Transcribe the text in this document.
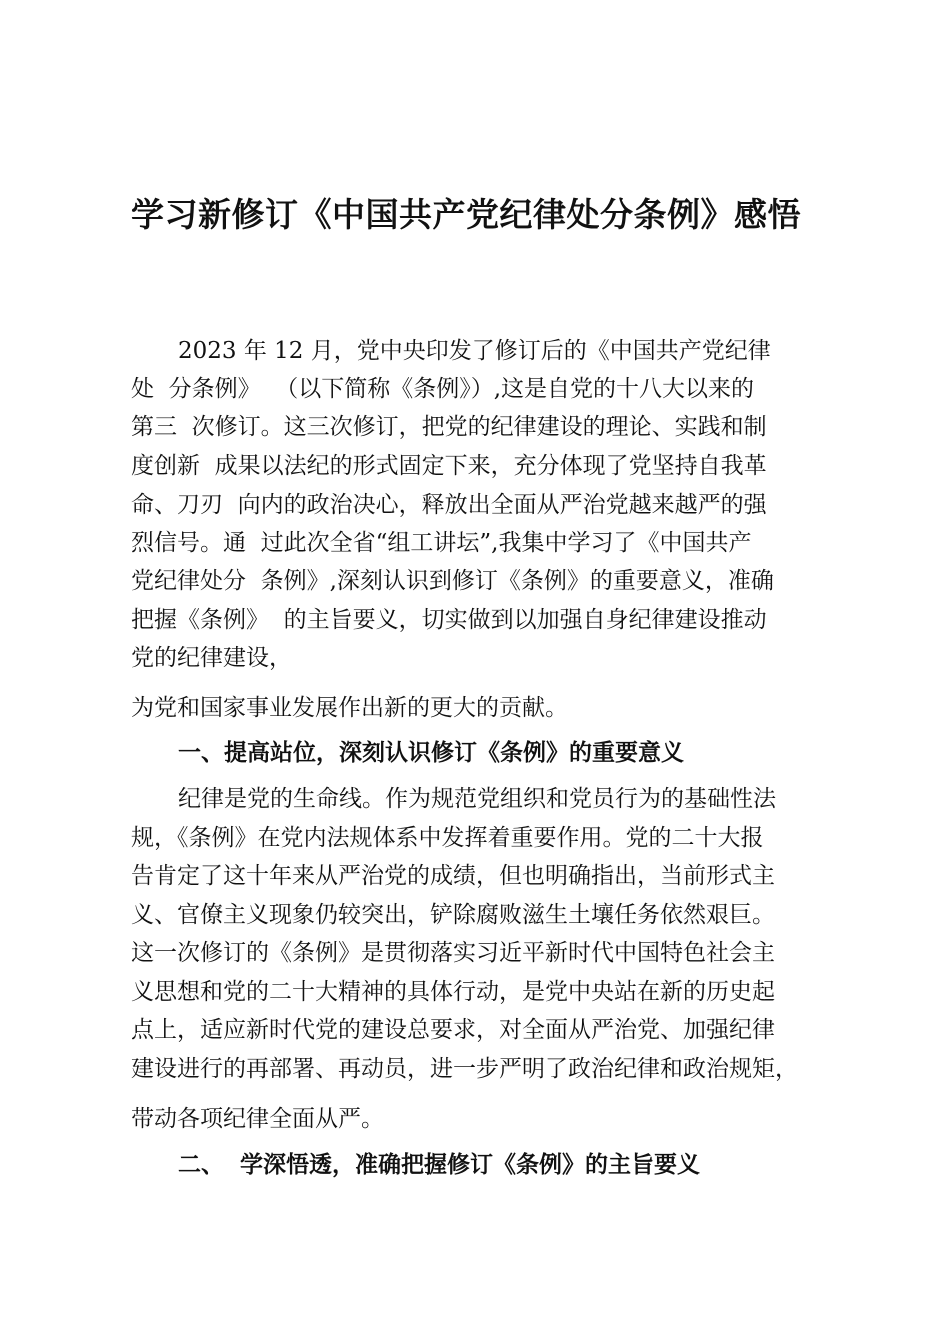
学习新修订《中国共产党纪律处分条例》感悟

2023 年 12 月，党中央印发了修订后的《中国共产党纪律

处  分条例》  （以下简称《条例》）,这是自党的十八大以来的

第三  次修订。这三次修订，把党的纪律建设的理论、实践和制

度创新  成果以法纪的形式固定下来，充分体现了党坚持自我革

命、刀刃  向内的政治决心，释放出全面从严治党越来越严的强

烈信号。通  过此次全省“组工讲坛”,我集中学习了《中国共产

党纪律处分  条例》,深刻认识到修订《条例》的重要意义，准确

把握《条例》  的主旨要义，切实做到以加强自身纪律建设推动

党的纪律建设，

为党和国家事业发展作出新的更大的贡献。

一、提高站位，深刻认识修订《条例》的重要意义

纪律是党的生命线。作为规范党组织和党员行为的基础性法

规，《条例》在党内法规体系中发挥着重要作用。党的二十大报

告肯定了这十年来从严治党的成绩，但也明确指出，当前形式主

义、官僚主义现象仍较突出，铲除腐败滋生土壤任务依然艰巨。

这一次修订的《条例》是贯彻落实习近平新时代中国特色社会主

义思想和党的二十大精神的具体行动，是党中央站在新的历史起

点上，适应新时代党的建设总要求，对全面从严治党、加强纪律

建设进行的再部署、再动员，进一步严明了政治纪律和政治规矩，

带动各项纪律全面从严。

二、  学深悟透，准确把握修订《条例》的主旨要义
